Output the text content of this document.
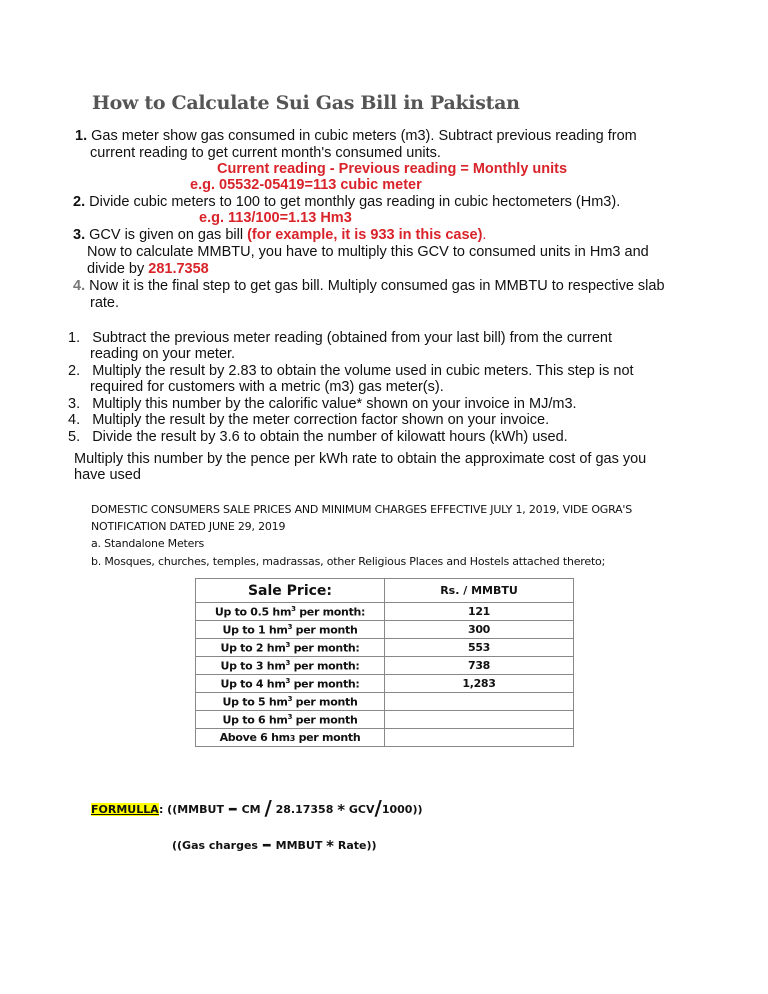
How to Calculate Sui Gas Bill in Pakistan
1. Gas meter show gas consumed in cubic meters (m3). Subtract previous reading from
current reading to get current month's consumed units.
Current reading - Previous reading = Monthly units
e.g. 05532-05419=113 cubic meter
2. Divide cubic meters to 100 to get monthly gas reading in cubic hectometers (Hm3).
e.g. 113/100=1.13 Hm3
3. GCV is given on gas bill (for example, it is 933 in this case).
Now to calculate MMBTU, you have to multiply this GCV to consumed units in Hm3 and
divide by 281.7358
4. Now it is the final step to get gas bill. Multiply consumed gas in MMBTU to respective slab
rate.
1. Subtract the previous meter reading (obtained from your last bill) from the current
reading on your meter.
2. Multiply the result by 2.83 to obtain the volume used in cubic meters. This step is not
required for customers with a metric (m3) gas meter(s).
3. Multiply this number by the calorific value* shown on your invoice in MJ/m3.
4. Multiply the result by the meter correction factor shown on your invoice.
5. Divide the result by 3.6 to obtain the number of kilowatt hours (kWh) used.
Multiply this number by the pence per kWh rate to obtain the approximate cost of gas you
have used
DOMESTIC CONSUMERS SALE PRICES AND MINIMUM CHARGES EFFECTIVE JULY 1, 2019, VIDE OGRA'S
NOTIFICATION DATED JUNE 29, 2019
a. Standalone Meters
b. Mosques, churches, temples, madrassas, other Religious Places and Hostels attached thereto;
Sale Price:	Rs. / MMBTU
Up to 0.5 $hm^3$ per month:	121
Up to 1 $hm^3$ per month	300
Up to 2 $hm^3$ per month:	553
Up to 3 $hm^3$ per month:	738
Up to 4 $hm^3$ per month:	1,283
Up to 5 $hm^3$ per month	
Up to 6 $hm^3$ per month	
Above 6 hm3 per month	
FORMULLA: ((MMBUT – CM / 28.17358 * GCV/1000))
((Gas charges – MMBUT * Rate))
